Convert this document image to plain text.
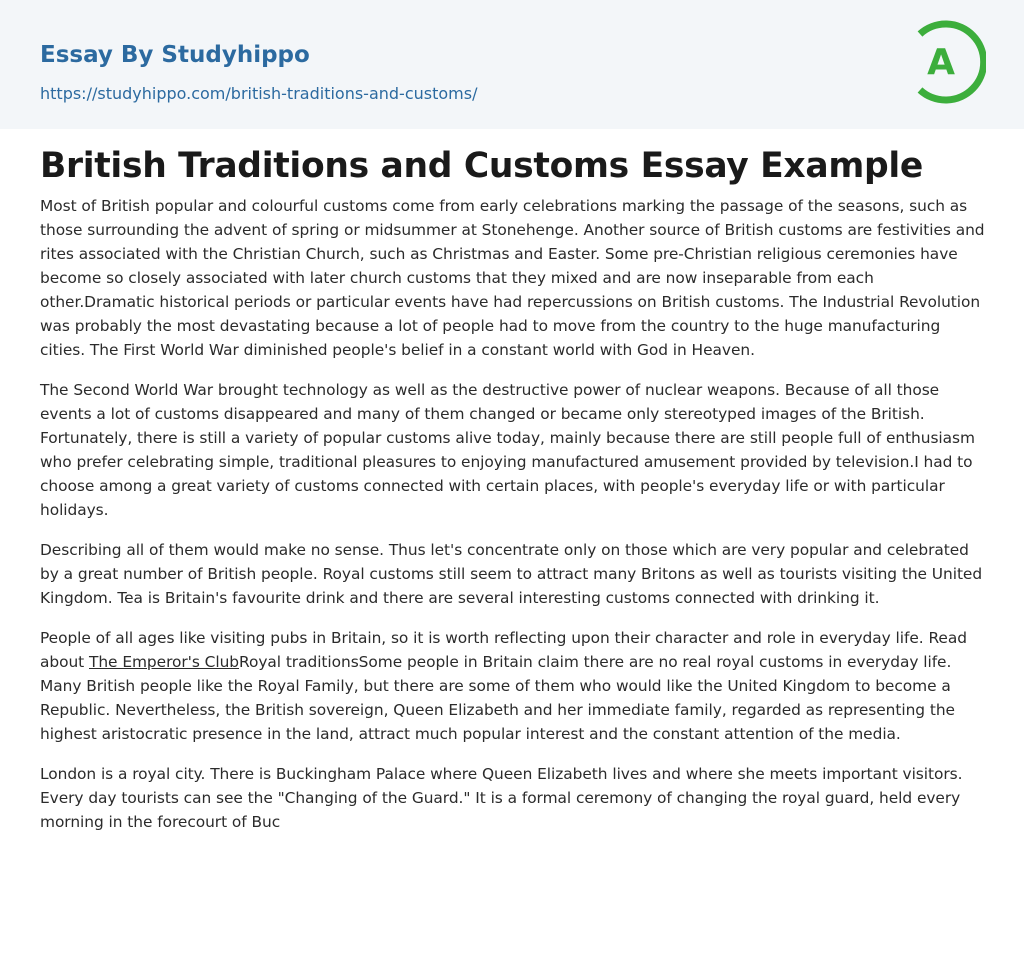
Essay By Studyhippo
https://studyhippo.com/british-traditions-and-customs/
A
British Traditions and Customs Essay Example

Most of British popular and colourful customs come from early celebrations marking the passage of the seasons, such as those surrounding the advent of spring or midsummer at Stonehenge. Another source of British customs are festivities and rites associated with the Christian Church, such as Christmas and Easter. Some pre-Christian religious ceremonies have become so closely associated with later church customs that they mixed and are now inseparable from each other.Dramatic historical periods or particular events have had repercussions on British customs. The Industrial Revolution was probably the most devastating because a lot of people had to move from the country to the huge manufacturing cities. The First World War diminished people's belief in a constant world with God in Heaven.

The Second World War brought technology as well as the destructive power of nuclear weapons. Because of all those events a lot of customs disappeared and many of them changed or became only stereotyped images of the British. Fortunately, there is still a variety of popular customs alive today, mainly because there are still people full of enthusiasm who prefer celebrating simple, traditional pleasures to enjoying manufactured amusement provided by television.I had to choose among a great variety of customs connected with certain places, with people's everyday life or with particular holidays.

Describing all of them would make no sense. Thus let's concentrate only on those which are very popular and celebrated by a great number of British people. Royal customs still seem to attract many Britons as well as tourists visiting the United Kingdom. Tea is Britain's favourite drink and there are several interesting customs connected with drinking it.

People of all ages like visiting pubs in Britain, so it is worth reflecting upon their character and role in everyday life. Read about The Emperor's ClubRoyal traditionsSome people in Britain claim there are no real royal customs in everyday life. Many British people like the Royal Family, but there are some of them who would like the United Kingdom to become a Republic. Nevertheless, the British sovereign, Queen Elizabeth and her immediate family, regarded as representing the highest aristocratic presence in the land, attract much popular interest and the constant attention of the media.

London is a royal city. There is Buckingham Palace where Queen Elizabeth lives and where she meets important visitors. Every day tourists can see the "Changing of the Guard." It is a formal ceremony of changing the royal guard, held every morning in the forecourt of Buc
